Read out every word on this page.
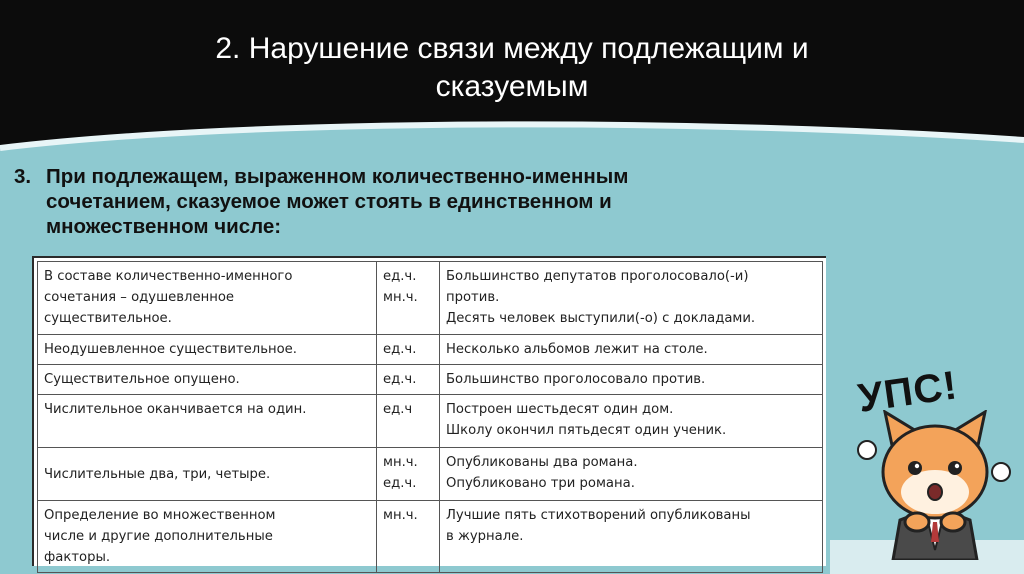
2. Нарушение связи между подлежащим и
сказуемым
3. При подлежащем, выраженном количественно-именным
сочетанием, сказуемое может стоять в единственном и
множественном числе:
В составе количественно-именного
сочетания – одушевленное
существительное.	ед.ч.
мн.ч.	Большинство депутатов проголосовало(-и)
против.
Десять человек выступили(-о) с докладами.

Неодушевленное существительное.	ед.ч.	Несколько альбомов лежит на столе.

Существительное опущено.	ед.ч.	Большинство проголосовало против.

Числительное оканчивается на один.	ед.ч	Построен шестьдесят один дом.
Школу окончил пятьдесят один ученик.

Числительные два, три, четыре.	мн.ч.
ед.ч.	Опубликованы два романа.
Опубликовано три романа.

Определение во множественном
числе и другие дополнительные
факторы.	мн.ч.	Лучшие пять стихотворений опубликованы
в журнале.
УПС!
